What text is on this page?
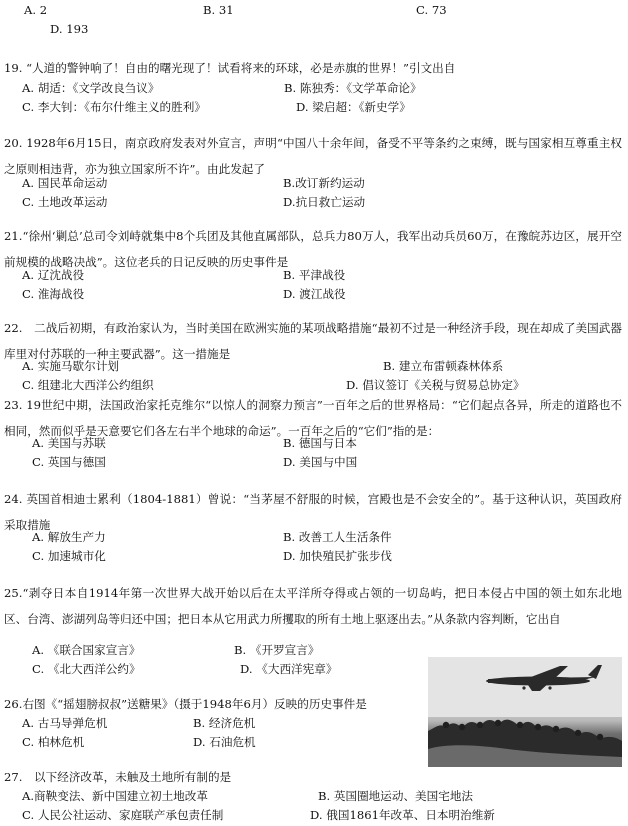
A. 2	B. 31	C. 73
D. 193
19. “人道的警钟响了！自由的曙光现了！试看将来的环球，必是赤旗的世界！”引文出自
A. 胡适：《文学改良刍议》	B. 陈独秀：《文学革命论》
C. 李大钊：《布尔什维主义的胜利》	D. 梁启超：《新史学》
20. 1928年6月15日，南京政府发表对外宣言，声明“中国八十余年间，备受不平等条约之束缚，既与国家相互尊重主权之原则相违背，亦为独立国家所不许”。由此发起了
A. 国民革命运动	B.改订新约运动
C. 土地改革运动	D.抗日救亡运动
21.“徐州‘剿总’总司令刘峙就集中8个兵团及其他直属部队，总兵力80万人，我军出动兵员60万，在豫皖苏边区，展开空前规模的战略决战”。这位老兵的日记反映的历史事件是
A. 辽沈战役	B. 平津战役
C. 淮海战役	D. 渡江战役
22.　二战后初期，有政治家认为，当时美国在欧洲实施的某项战略措施“最初不过是一种经济手段，现在却成了美国武器库里对付苏联的一种主要武器”。这一措施是
A. 实施马歇尔计划	B. 建立布雷顿森林体系
C. 组建北大西洋公约组织	D. 倡议签订《关税与贸易总协定》
23. 19世纪中期，法国政治家托克维尔“以惊人的洞察力预言”一百年之后的世界格局：“它们起点各异，所走的道路也不相同，然而似乎是天意要它们各左右半个地球的命运”。一百年之后的“它们”指的是：
A. 美国与苏联	B. 德国与日本
C. 英国与德国	D. 美国与中国
24. 英国首相迪士累利（1804-1881）曾说：“当茅屋不舒服的时候，宫殿也是不会安全的”。基于这种认识，英国政府采取措施
A. 解放生产力	B. 改善工人生活条件
C. 加速城市化	D. 加快殖民扩张步伐
25.“剥夺日本自1914年第一次世界大战开始以后在太平洋所夺得或占领的一切岛屿，把日本侵占中国的领土如东北地区、台湾、澎湖列岛等归还中国；把日本从它用武力所攫取的所有土地上驱逐出去。”从条款内容判断，它出自
A. 《联合国家宣言》	B. 《开罗宣言》
C. 《北大西洋公约》	D. 《大西洋宪章》
26.右图《“摇翅膀叔叔”送糖果》（摄于1948年6月）反映的历史事件是
A. 古马导弹危机	B. 经济危机
C. 柏林危机	D. 石油危机
27.　以下经济改革，未触及土地所有制的是
A.商鞅变法、新中国建立初土地改革	B. 英国圈地运动、美国宅地法
C. 人民公社运动、家庭联产承包责任制	D. 俄国1861年改革、日本明治维新
